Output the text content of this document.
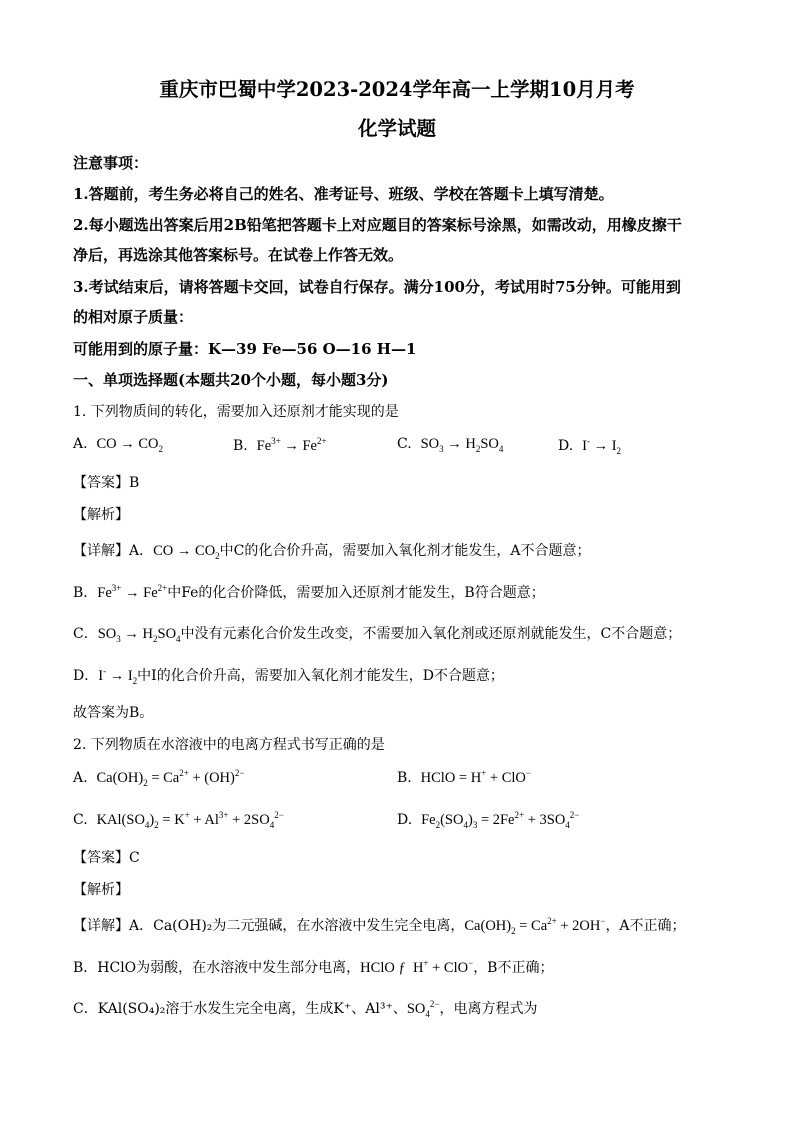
重庆市巴蜀中学2023-2024学年高一上学期10月月考
化学试题
注意事项：
1.答题前，考生务必将自己的姓名、准考证号、班级、学校在答题卡上填写清楚。
2.每小题选出答案后用2B铅笔把答题卡上对应题目的答案标号涂黑，如需改动，用橡皮擦干
净后，再选涂其他答案标号。在试卷上作答无效。
3.考试结束后，请将答题卡交回，试卷自行保存。满分100分，考试用时75分钟。可能用到
的相对原子质量：
可能用到的原子量：K—39 Fe—56 O—16 H—1
一、单项选择题(本题共20个小题，每小题3分)
1. 下列物质间的转化，需要加入还原剂才能实现的是
A. CO → $CO_2$	B. $Fe^{3+} \to Fe^{2+}$	C. $SO_3 \to H_2SO_4$	D. $I^- \to I_2$
【答案】B
【解析】
【详解】A．CO → $CO_2$中C的化合价升高，需要加入氧化剂才能发生，A不合题意；
B．$Fe^{3+} \to Fe^{2+}$中Fe的化合价降低，需要加入还原剂才能发生，B符合题意；
C．$SO_3 \to H_2SO_4$中没有元素化合价发生改变，不需要加入氧化剂或还原剂就能发生，C不合题意；
D．$I^- \to I_2$中I的化合价升高，需要加入氧化剂才能发生，D不合题意；
故答案为B。
2. 下列物质在水溶液中的电离方程式书写正确的是
A. $Ca(OH)_2 = Ca^{2+} + (OH)^{2-}$	B. HClO = H+ + ClO−
C. $KAl(SO_4)_2 = K^+ + Al^{3+} + 2SO_4^{2-}$	D. $Fe_2(SO_4)_3 = 2Fe^{2+} + 3SO_4^{2-}$
【答案】C
【解析】
【详解】A．Ca(OH)₂为二元强碱，在水溶液中发生完全电离，$Ca(OH)_2 = Ca^{2+} + 2OH^-$，A不正确；
B．HClO为弱酸，在水溶液中发生部分电离，HClO ƒ  H+ + ClO−，B不正确；
C．KAl(SO₄)₂溶于水发生完全电离，生成K⁺、Al³⁺、$SO_4^{2-}$，电离方程式为
